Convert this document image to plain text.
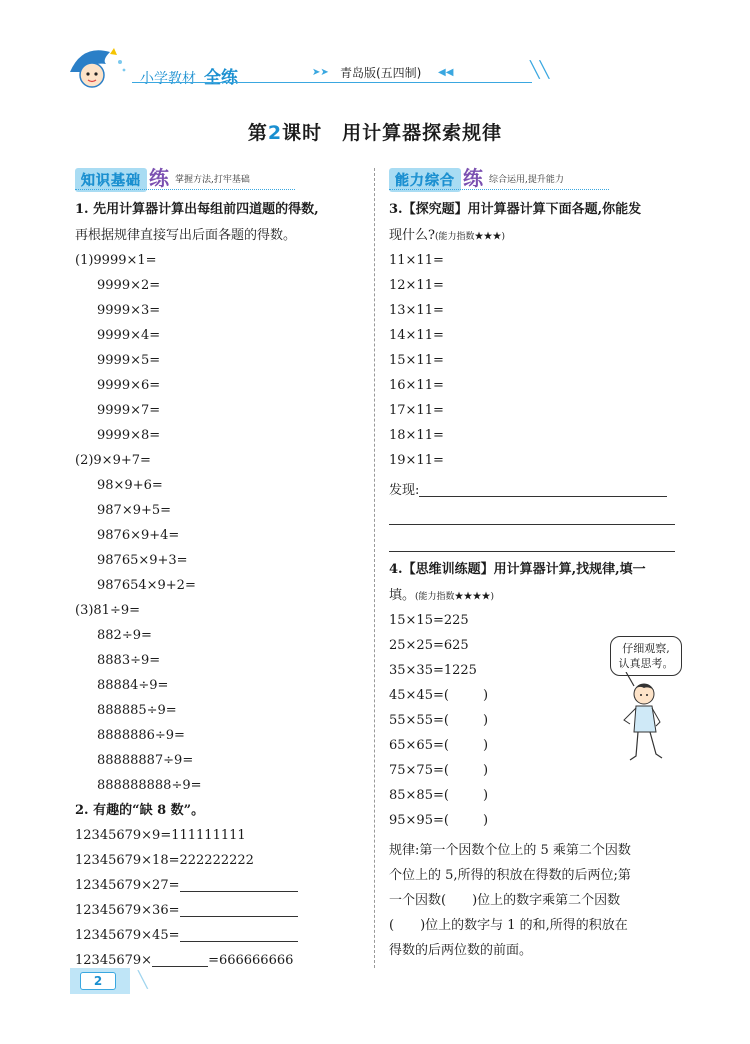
小学教材 全练	➤➤ 青岛版(五四制) ◀◀	╲╲
第2课时　用计算器探索规律
知识基础 练 掌握方法,打牢基础	能力综合 练 综合运用,提升能力
1. 先用计算器计算出每组前四道题的得数,
再根据规律直接写出后面各题的得数。
(1)9999×1=
9999×2=
9999×3=
9999×4=
9999×5=
9999×6=
9999×7=
9999×8=
(2)9×9+7=
98×9+6=
987×9+5=
9876×9+4=
98765×9+3=
987654×9+2=
(3)81÷9=
882÷9=
8883÷9=
88884÷9=
888885÷9=
8888886÷9=
88888887÷9=
888888888÷9=
2. 有趣的“缺 8 数”。
12345679×9=111111111
12345679×18=222222222
12345679×27=
12345679×36=
12345679×45=
12345679×	=666666666
3.【探究题】用计算器计算下面各题,你能发
现什么?(能力指数★★★)
11×11=
12×11=
13×11=
14×11=
15×11=
16×11=
17×11=
18×11=
19×11=
发现:
4.【思维训练题】用计算器计算,找规律,填一
填。(能力指数★★★★)
15×15=225
25×25=625
35×35=1225
45×45=(	)
55×55=(	)
65×65=(	)
75×75=(	)
85×85=(	)
95×95=(	)
仔细观察,
认真思考。
规律:第一个因数个位上的 5 乘第二个因数
个位上的 5,所得的积放在得数的后两位;第
一个因数(　　)位上的数字乘第二个因数
(　　)位上的数字与 1 的和,所得的积放在
得数的后两位数的前面。
2	╲
